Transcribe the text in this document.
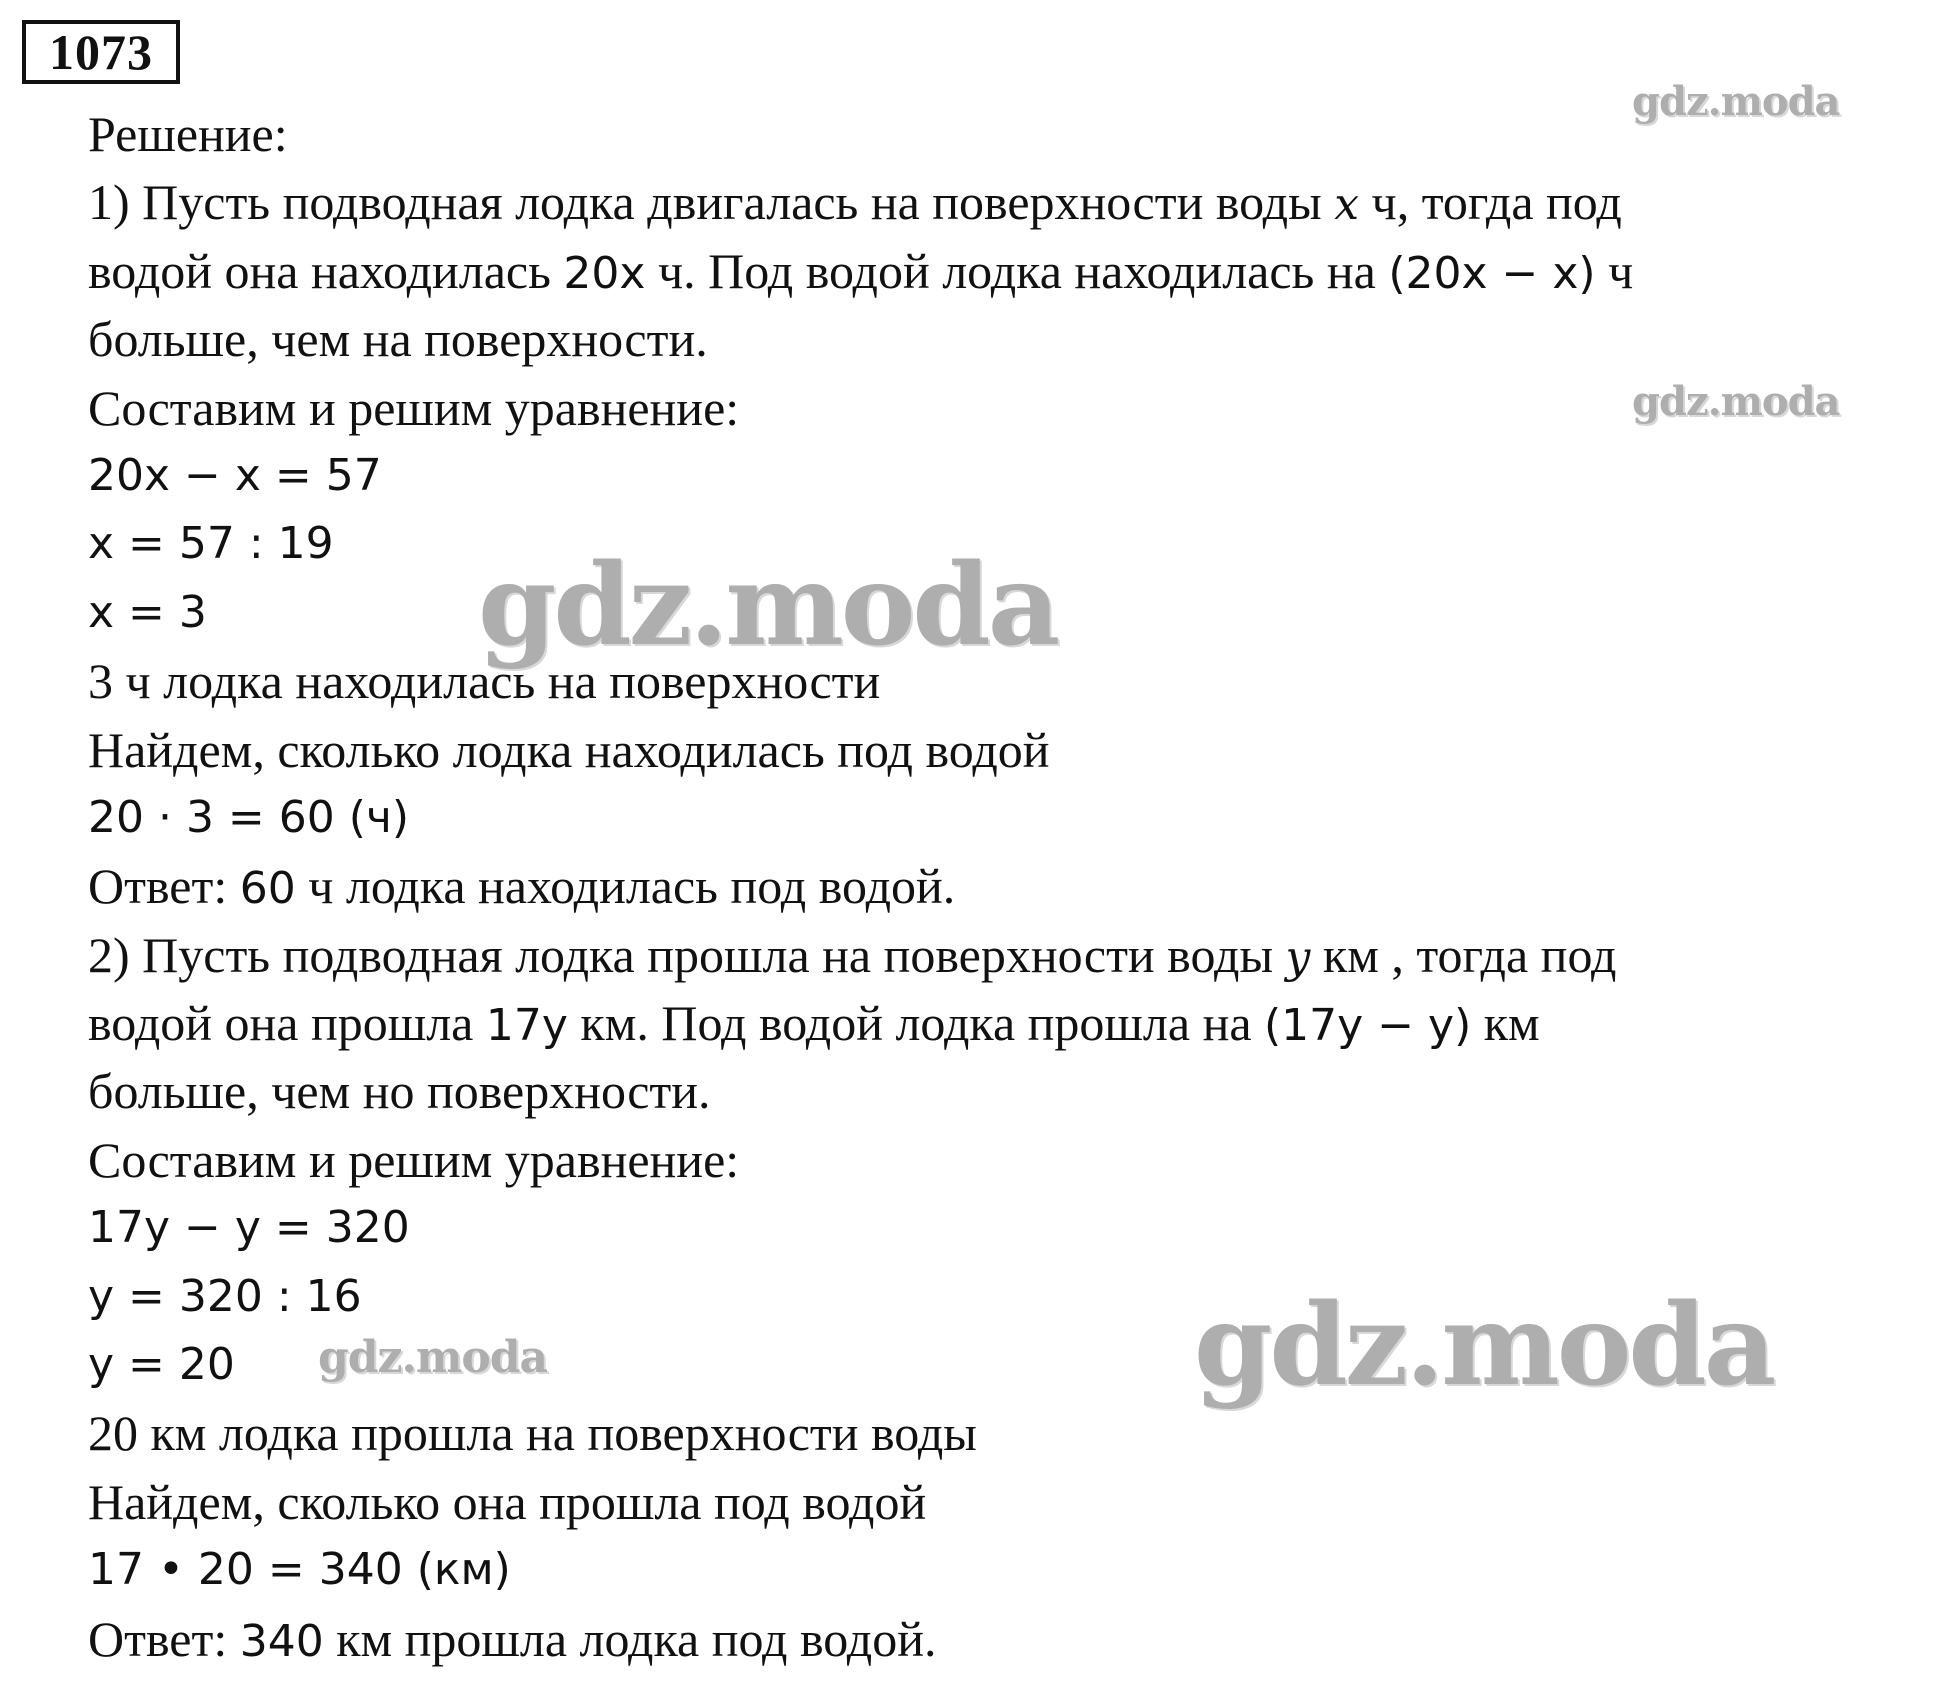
1073
Решение:
1) Пусть подводная лодка двигалась на поверхности воды x ч, тогда под
водой она находилась 20x ч. Под водой лодка находилась на (20x − x) ч
больше, чем на поверхности.
Составим и решим уравнение:
20x − x = 57
x = 57 : 19
x = 3
3 ч лодка находилась на поверхности
Найдем, сколько лодка находилась под водой
20 · 3 = 60 (ч)
Ответ: 60 ч лодка находилась под водой.
2) Пусть подводная лодка прошла на поверхности воды y км , тогда под
водой она прошла 17y км. Под водой лодка прошла на (17y − y) км
больше, чем но поверхности.
Составим и решим уравнение:
17y − y = 320
y = 320 : 16
y = 20
20 км лодка прошла на поверхности воды
Найдем, сколько она прошла под водой
17 • 20 = 340 (км)
Ответ: 340 км прошла лодка под водой.
gdz.moda
gdz.moda
gdz.moda
gdz.moda
gdz.moda
